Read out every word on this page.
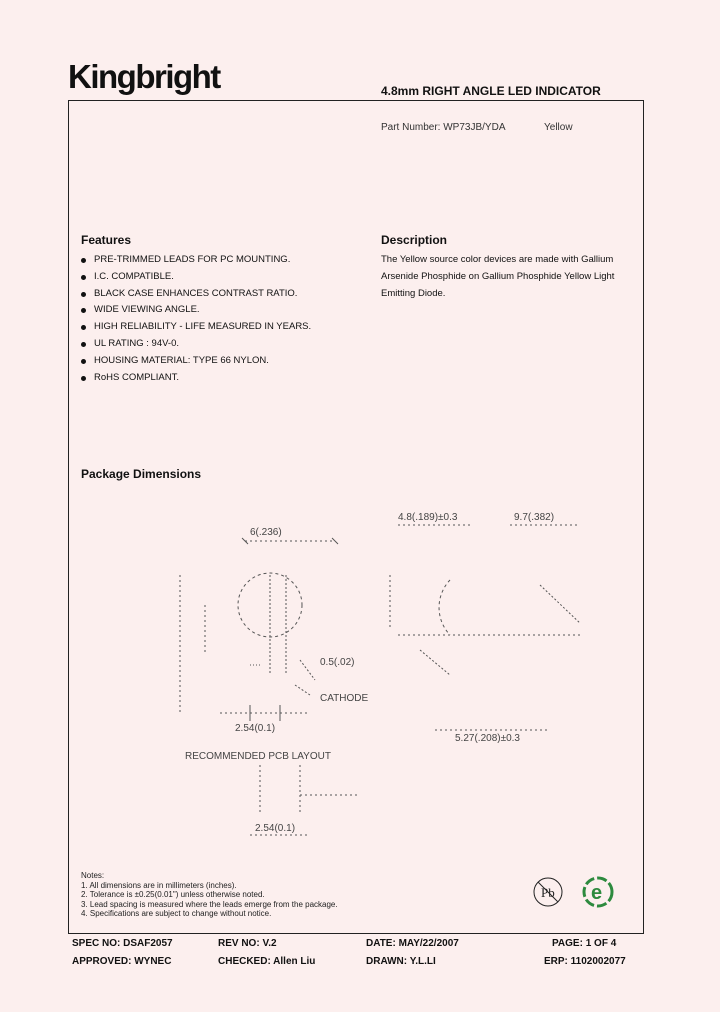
Kingbright	4.8mm RIGHT ANGLE LED INDICATOR
Part Number: WP73JB/YDA	Yellow
Features
PRE-TRIMMED LEADS FOR PC MOUNTING.
I.C. COMPATIBLE.
BLACK CASE ENHANCES CONTRAST RATIO.
WIDE VIEWING ANGLE.
HIGH RELIABILITY - LIFE MEASURED IN YEARS.
UL RATING : 94V-0.
HOUSING MATERIAL: TYPE 66 NYLON.
RoHS COMPLIANT.
Description
The Yellow source color devices are made with Gallium
Arsenide Phosphide on Gallium Phosphide Yellow Light
Emitting Diode.
Package Dimensions
6(.236)
CATHODE
0.5(.02)
2.54(0.1)
RECOMMENDED PCB LAYOUT
2.54(0.1)
4.8(.189)±0.3	9.7(.382)
5.27(.208)±0.3
Notes:
1. All dimensions are in millimeters (inches).
2. Tolerance is ±0.25(0.01") unless otherwise noted.
3. Lead spacing is measured where the leads emerge from the package.
4. Specifications are subject to change without notice.
Pb e
SPEC NO: DSAF2057	REV NO: V.2	DATE: MAY/22/2007	PAGE: 1 OF 4
APPROVED: WYNEC	CHECKED: Allen Liu	DRAWN: Y.L.LI	ERP: 1102002077
